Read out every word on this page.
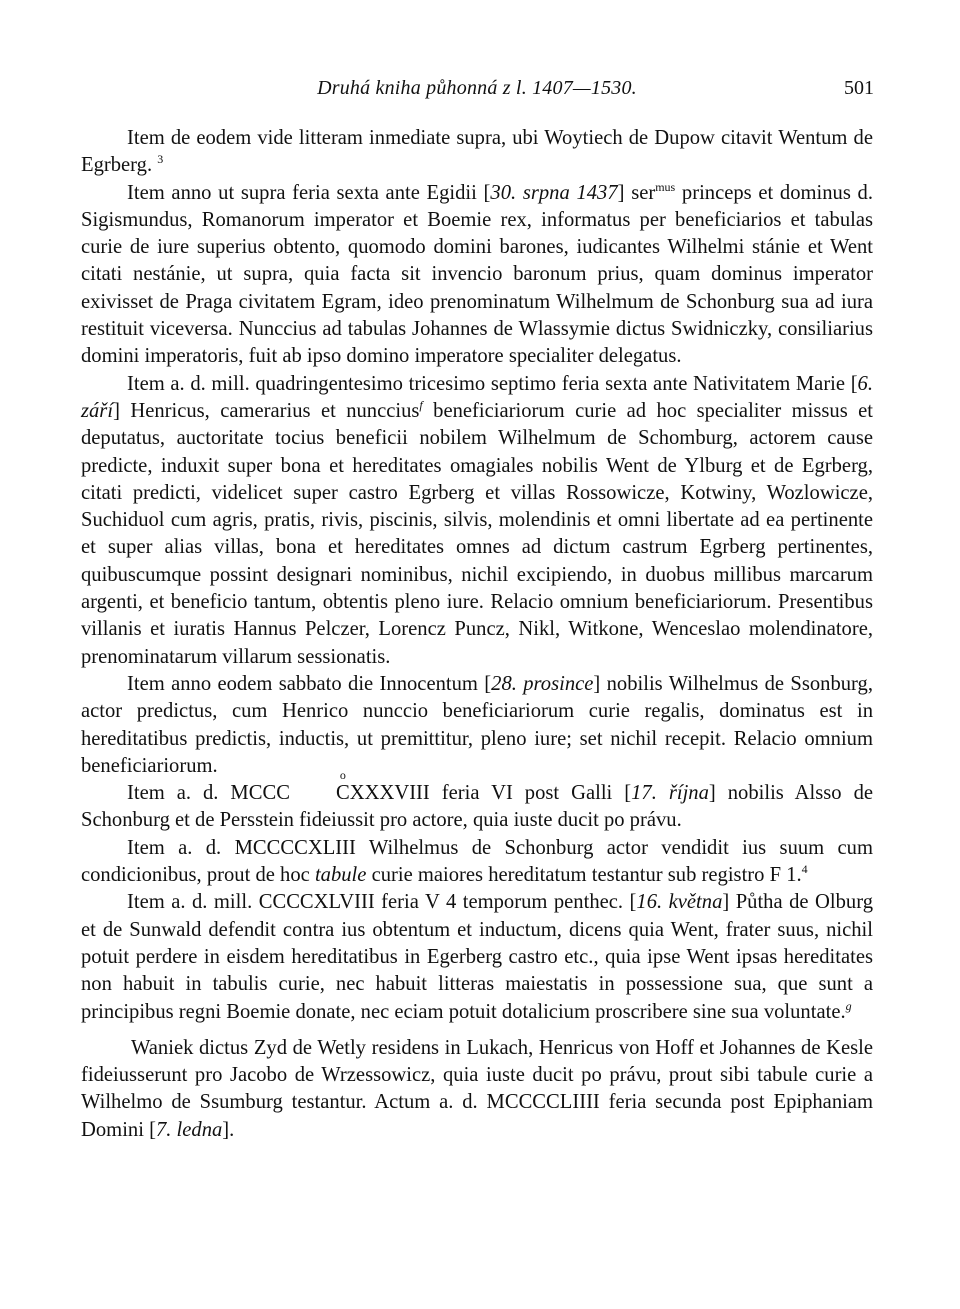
Druhá kniha půhonná z l. 1407—1530.	501

Item de eodem vide litteram inmediate supra, ubi Woytiech de Dupow citavit Wentum de Egrberg. $^3$

Item anno ut supra feria sexta ante Egidii [30. srpna 1437] ser$^{mus}$ princeps et dominus d. Sigismundus, Romanorum imperator et Boemie rex, informatus per beneficiarios et tabulas curie de iure superius obtento, quomodo domini barones, iudicantes Wilhelmi stánie et Went citati nestánie, ut supra, quia facta sit invencio baronum prius, quam dominus imperator exivisset de Praga civitatem Egram, ideo prenominatum Wilhelmum de Schonburg sua ad iura restituit viceversa. Nunccius ad tabulas Johannes de Wlassymie dictus Swidniczky, consiliarius domini imperatoris, fuit ab ipso domino imperatore specialiter delegatus.

Item a. d. mill. quadringentesimo tricesimo septimo feria sexta ante Nativitatem Marie [6. září] Henricus, camerarius et nunccius$^f$ beneficiariorum curie ad hoc specialiter missus et deputatus, auctoritate tocius beneficii nobilem Wilhelmum de Schomburg, actorem cause predicte, induxit super bona et hereditates omagiales nobilis Went de Ylburg et de Egrberg, citati predicti, videlicet super castro Egrberg et villas Rossowicze, Kotwiny, Wozlowicze, Suchiduol cum agris, pratis, rivis, piscinis, silvis, molendinis et omni libertate ad ea pertinente et super alias villas, bona et hereditates omnes ad dictum castrum Egrberg pertinentes, quibuscumque possint designari nominibus, nichil excipiendo, in duobus millibus marcarum argenti, et beneficio tantum, obtentis pleno iure. Relacio omnium beneficiariorum. Presentibus villanis et iuratis Hannus Pelczer, Lorencz Puncz, Nikl, Witkone, Wenceslao molendinatore, prenominatarum villarum sessionatis.

Item anno eodem sabbato die Innocentum [28. prosince] nobilis Wilhelmus de Ssonburg, actor predictus, cum Henrico nunccio beneficiariorum curie regalis, dominatus est in hereditatibus predictis, inductis, ut premittitur, pleno iure; set nichil recepit. Relacio omnium beneficiariorum.

Item a. d. MCCC
o
CXXXVIII feria VI post Galli [17. října] nobilis Alsso de Schonburg et de Persstein fideiussit pro actore, quia iuste ducit po právu.

Item a. d. MCCCCXLIII Wilhelmus de Schonburg actor vendidit ius suum cum condicionibus, prout de hoc tabule curie maiores hereditatum testantur sub registro F 1.$^4$

Item a. d. mill. CCCCXLVIII feria V 4 temporum penthec. [16. května] Půtha de Olburg et de Sunwald defendit contra ius obtentum et inductum, dicens quia Went, frater suus, nichil potuit perdere in eisdem hereditatibus in Egerberg castro etc., quia ipse Went ipsas hereditates non habuit in tabulis curie, nec habuit litteras maiestatis in possessione sua, que sunt a principibus regni Boemie donate, nec eciam potuit dotalicium proscribere sine sua voluntate.$^g$

Waniek dictus Zyd de Wetly residens in Lukach, Henricus von Hoff et Johannes de Kesle fideiusserunt pro Jacobo de Wrzessowicz, quia iuste ducit po právu, prout sibi tabule curie a Wilhelmo de Ssumburg testantur. Actum a. d. MCCCCLIIII feria secunda post Epiphaniam Domini [7. ledna].
